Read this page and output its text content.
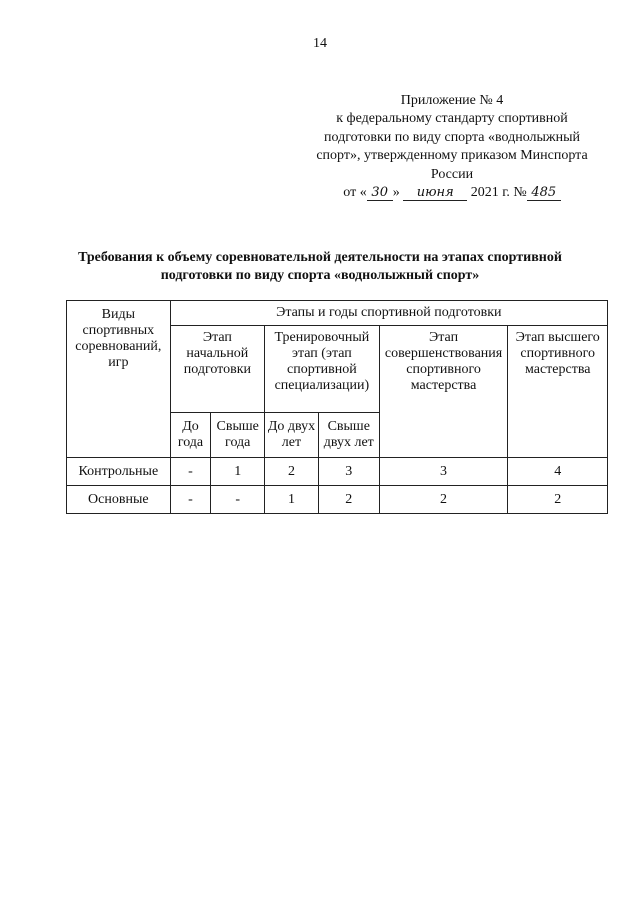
14
Приложение № 4
к федеральному стандарту спортивной
подготовки по виду спорта «воднолыжный
спорт», утвержденному приказом Минспорта
России
от « 30 » июня 2021 г. № 485
Требования к объему соревновательной деятельности на этапах спортивной
подготовки по виду спорта «воднолыжный спорт»
Виды спортивных соревнований, игр	Этапы и годы спортивной подготовки					
	Этап начальной подготовки		Тренировочный этап (этап спортивной специализации)		Этап совершенствования спортивного мастерства	Этап высшего спортивного мастерства
	До года	Свыше года	До двух лет	Свыше двух лет		
Контрольные	-	1	2	3	3	4
Основные	-	-	1	2	2	2
